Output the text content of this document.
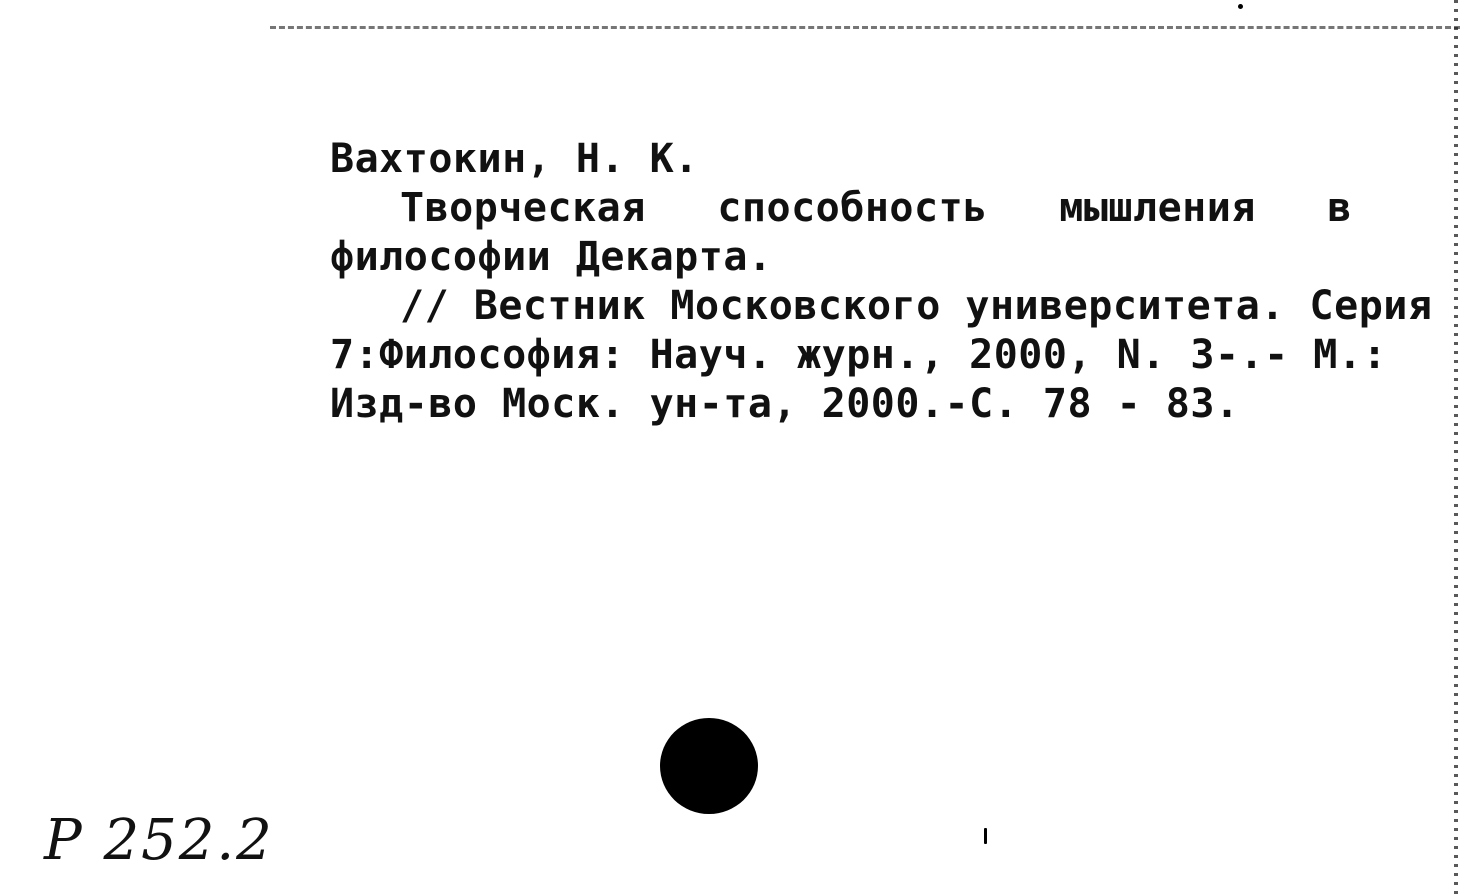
Вахтокин, Н. К.
Творческая способность мышления в
философии Декарта.
// Вестник Московского университета. Серия
7:Философия: Науч. журн., 2000, N. 3-.- М.:
Изд-во Моск. ун-та, 2000.-С. 78 - 83.
Р 252.2
